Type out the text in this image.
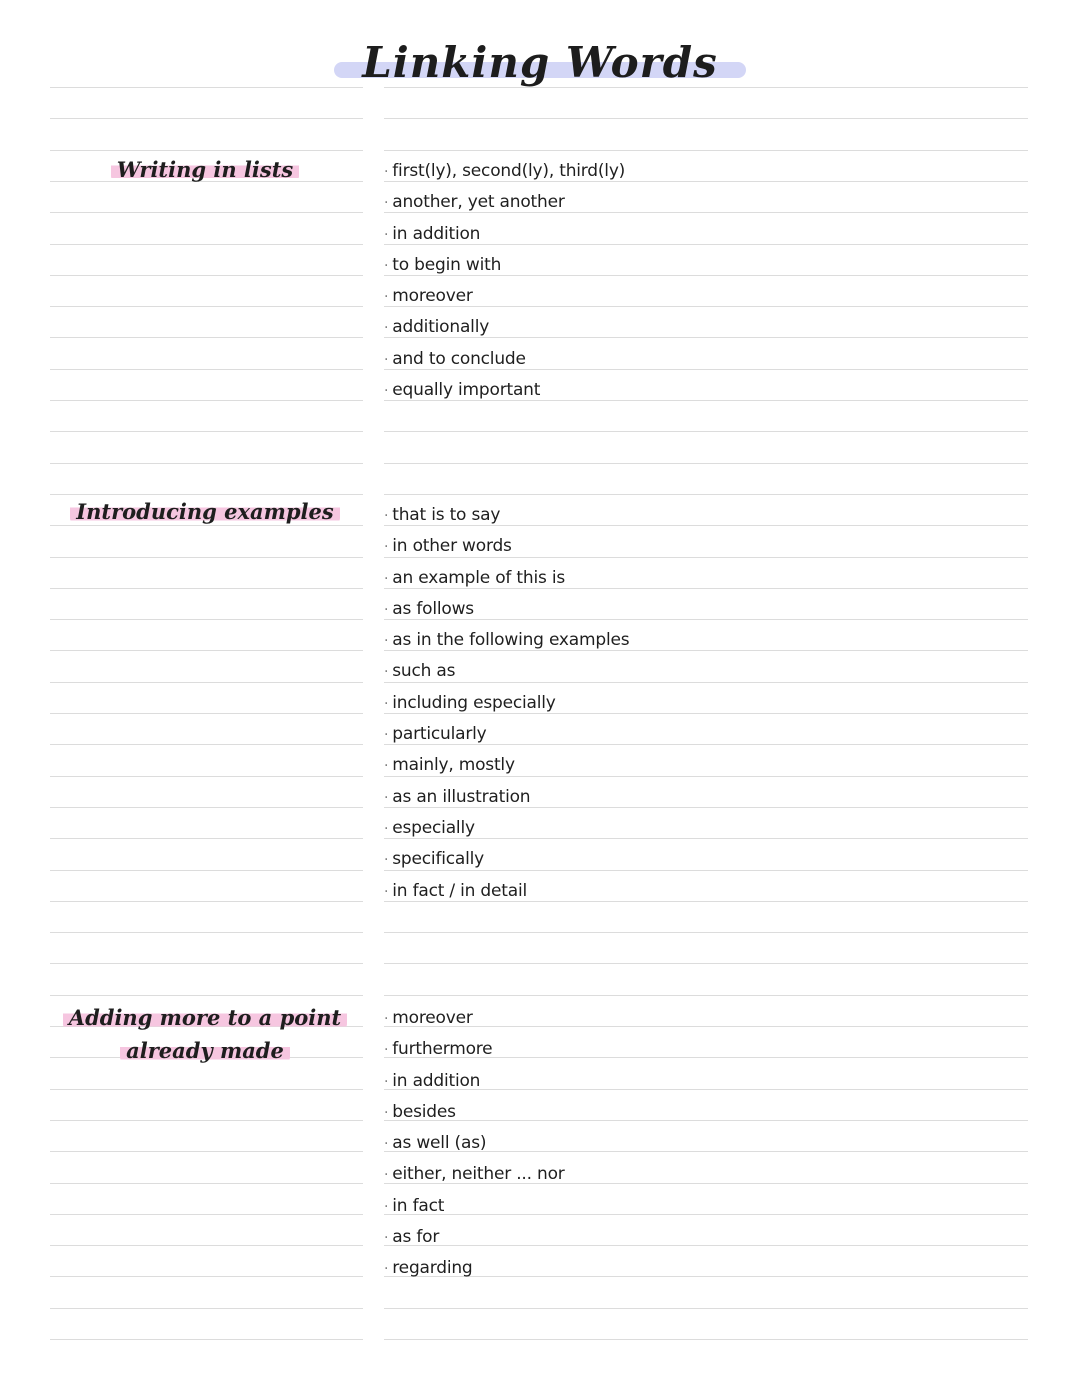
Linking Words
Writing in lists	· first(ly), second(ly), third(ly)
· another, yet another
· in addition
· to begin with
· moreover
· additionally
· and to conclude
· equally important
Introducing examples	· that is to say
· in other words
· an example of this is
· as follows
· as in the following examples
· such as
· including especially
· particularly
· mainly, mostly
· as an illustration
· especially
· specifically
· in fact / in detail
Adding more to a point
already made
· moreover
· furthermore
· in addition
· besides
· as well (as)
· either, neither ... nor
· in fact
· as for
· regarding
